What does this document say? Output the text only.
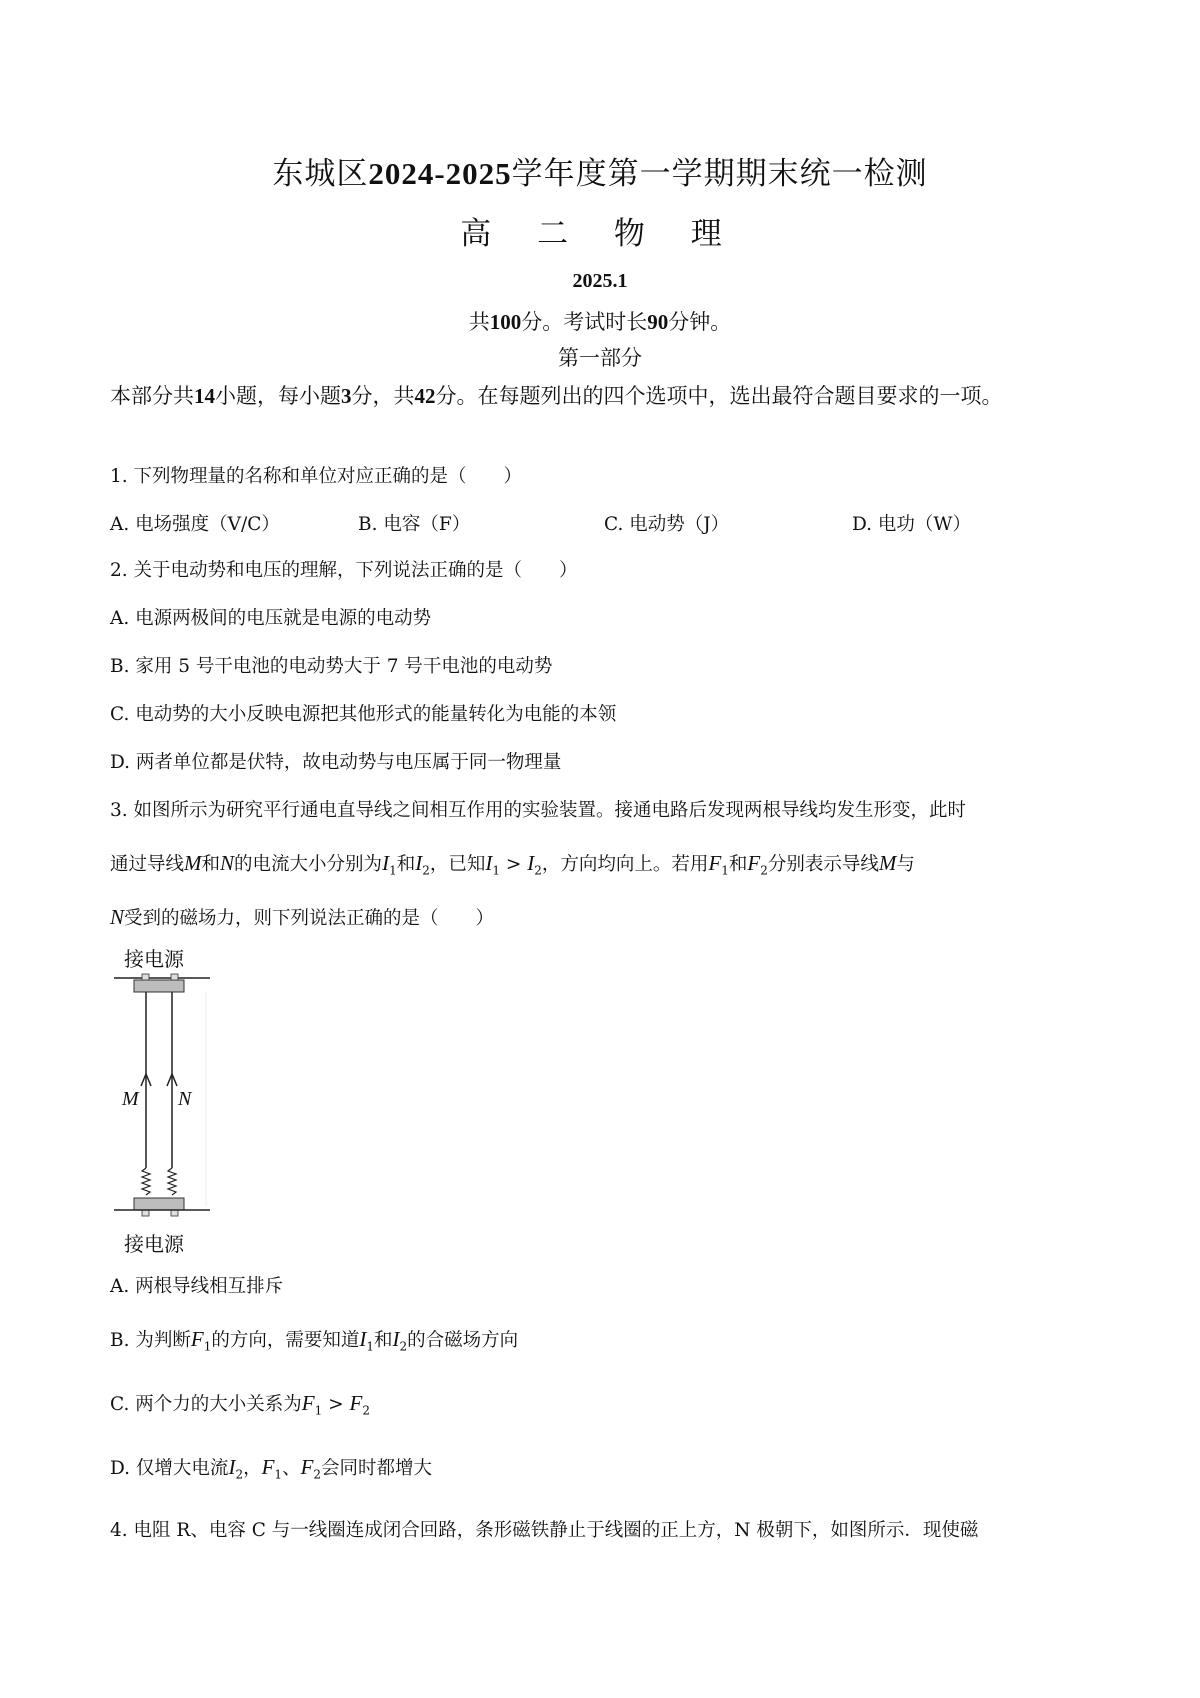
东城区2024-2025学年度第一学期期末统一检测
高 二 物 理
2025.1
共100分。考试时长90分钟。
第一部分
本部分共14小题，每小题3分，共42分。在每题列出的四个选项中，选出最符合题目要求的一项。
1. 下列物理量的名称和单位对应正确的是（　　）
A. 电场强度（V/C）	B. 电容（F）	C. 电动势（J）	D. 电功（W）
2. 关于电动势和电压的理解，下列说法正确的是（　　）
A. 电源两极间的电压就是电源的电动势
B. 家用 5 号干电池的电动势大于 7 号干电池的电动势
C. 电动势的大小反映电源把其他形式的能量转化为电能的本领
D. 两者单位都是伏特，故电动势与电压属于同一物理量
3. 如图所示为研究平行通电直导线之间相互作用的实验装置。接通电路后发现两根导线均发生形变，此时
通过导线M和N的电流大小分别为$I_1$和$I_2$，已知$I_1 > I_2$，方向均向上。若用$F_1$和$F_2$分别表示导线M与
N受到的磁场力，则下列说法正确的是（　　）
接电源
M N
接电源
A. 两根导线相互排斥
B. 为判断$F_1$的方向，需要知道$I_1$和$I_2$的合磁场方向
C. 两个力的大小关系为$F_1 > F_2$
D. 仅增大电流$I_2$，$F_1$、$F_2$会同时都增大
4. 电阻 R、电容 C 与一线圈连成闭合回路，条形磁铁静止于线圈的正上方，N 极朝下，如图所示．现使磁
